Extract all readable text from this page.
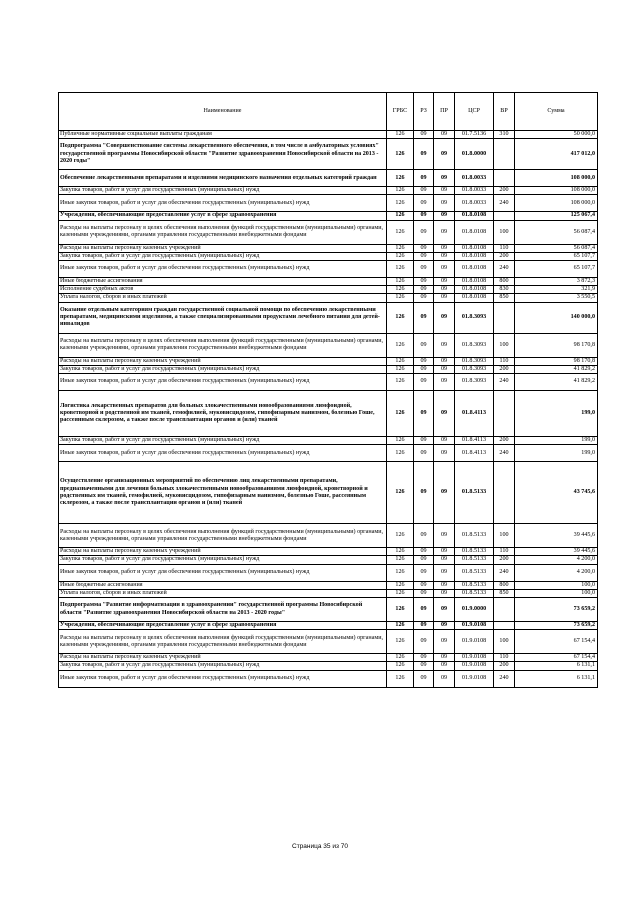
Наименование	ГРБС	РЗ	ПР	ЦСР	ВР	Сумма
Публичные нормативные социальные выплаты гражданам	126	09	09	01.7.5136	310	50 000,0
Подпрограмма "Совершенствование системы лекарственного обеспечения, в том числе в амбулаторных условиях" государственной программы Новосибирской области "Развитие здравоохранения Новосибирской области на 2013 - 2020 годы"	126	09	09	01.8.0000		417 012,0
Обеспечение лекарственными препаратами и изделиями медицинского назначения отдельных категорий граждан	126	09	09	01.8.0033		108 000,0
Закупка товаров, работ и услуг для государственных (муниципальных) нужд	126	09	09	01.8.0033	200	108 000,0
Иные закупки товаров, работ и услуг для обеспечения государственных (муниципальных) нужд	126	09	09	01.8.0033	240	108 000,0
Учреждения, обеспечивающие предоставление услуг в сфере здравоохранения	126	09	09	01.8.0108		125 067,4
Расходы на выплаты персоналу в целях обеспечения выполнения функций государственными (муниципальными) органами, казенными учреждениями, органами управления государственными внебюджетными фондами	126	09	09	01.8.0108	100	56 087,4
Расходы на выплаты персоналу казенных учреждений	126	09	09	01.8.0108	110	56 087,4
Закупка товаров, работ и услуг для государственных (муниципальных) нужд	126	09	09	01.8.0108	200	65 107,7
Иные закупки товаров, работ и услуг для обеспечения государственных (муниципальных) нужд	126	09	09	01.8.0108	240	65 107,7
Иные бюджетные ассигнования	126	09	09	01.8.0108	800	3 872,3
Исполнение судебных актов	126	09	09	01.8.0108	830	321,9
Уплата налогов, сборов и иных платежей	126	09	09	01.8.0108	850	3 550,5
Оказание отдельным категориям граждан государственной социальной помощи по обеспечению лекарственными препаратами, медицинскими изделиями, а также специализированными продуктами лечебного питания для детей-инвалидов	126	09	09	01.8.3093		140 000,0
Расходы на выплаты персоналу в целях обеспечения выполнения функций государственными (муниципальными) органами, казенными учреждениями, органами управления государственными внебюджетными фондами	126	09	09	01.8.3093	100	98 170,8
Расходы на выплаты персоналу казенных учреждений	126	09	09	01.8.3093	110	98 170,8
Закупка товаров, работ и услуг для государственных (муниципальных) нужд	126	09	09	01.8.3093	200	41 829,2
Иные закупки товаров, работ и услуг для обеспечения государственных (муниципальных) нужд	126	09	09	01.8.3093	240	41 829,2
Логистика лекарственных препаратов для больных злокачественными новообразованиями лимфоидной, кроветворной и родственной им тканей, гемофилией, муковисцидозом, гипофизарным нанизмом, болезнью Гоше, рассеянным склерозом, а также после трансплантации органов и (или) тканей	126	09	09	01.8.4113		199,0
Закупка товаров, работ и услуг для государственных (муниципальных) нужд	126	09	09	01.8.4113	200	199,0
Иные закупки товаров, работ и услуг для обеспечения государственных (муниципальных) нужд	126	09	09	01.8.4113	240	199,0
Осуществление организационных мероприятий по обеспечению лиц лекарственными препаратами, предназначенными для лечения больных злокачественными новообразованиями лимфоидной, кроветворной и родственных им тканей, гемофилией, муковисцидозом, гипофизарным нанизмом, болезнью Гоше, рассеянным склерозом, а также после трансплантации органов и (или) тканей	126	09	09	01.8.5133		43 745,6
Расходы на выплаты персоналу в целях обеспечения выполнения функций государственными (муниципальными) органами, казенными учреждениями, органами управления государственными внебюджетными фондами	126	09	09	01.8.5133	100	39 445,6
Расходы на выплаты персоналу казенных учреждений	126	09	09	01.8.5133	110	39 445,6
Закупка товаров, работ и услуг для государственных (муниципальных) нужд	126	09	09	01.8.5133	200	4 200,0
Иные закупки товаров, работ и услуг для обеспечения государственных (муниципальных) нужд	126	09	09	01.8.5133	240	4 200,0
Иные бюджетные ассигнования	126	09	09	01.8.5133	800	100,0
Уплата налогов, сборов и иных платежей	126	09	09	01.8.5133	850	100,0
Подпрограмма "Развитие информатизации в здравоохранении" государственной программы Новосибирской области "Развитие здравоохранения Новосибирской области на 2013 - 2020 годы"	126	09	09	01.9.0000		73 659,2
Учреждения, обеспечивающие предоставление услуг в сфере здравоохранения	126	09	09	01.9.0108		73 659,2
Расходы на выплаты персоналу в целях обеспечения выполнения функций государственными (муниципальными) органами, казенными учреждениями, органами управления государственными внебюджетными фондами	126	09	09	01.9.0108	100	67 154,4
Расходы на выплаты персоналу казенных учреждений	126	09	09	01.9.0108	110	67 154,4
Закупка товаров, работ и услуг для государственных (муниципальных) нужд	126	09	09	01.9.0108	200	6 131,1
Иные закупки товаров, работ и услуг для обеспечения государственных (муниципальных) нужд	126	09	09	01.9.0108	240	6 131,1
Страница 35 из 70
